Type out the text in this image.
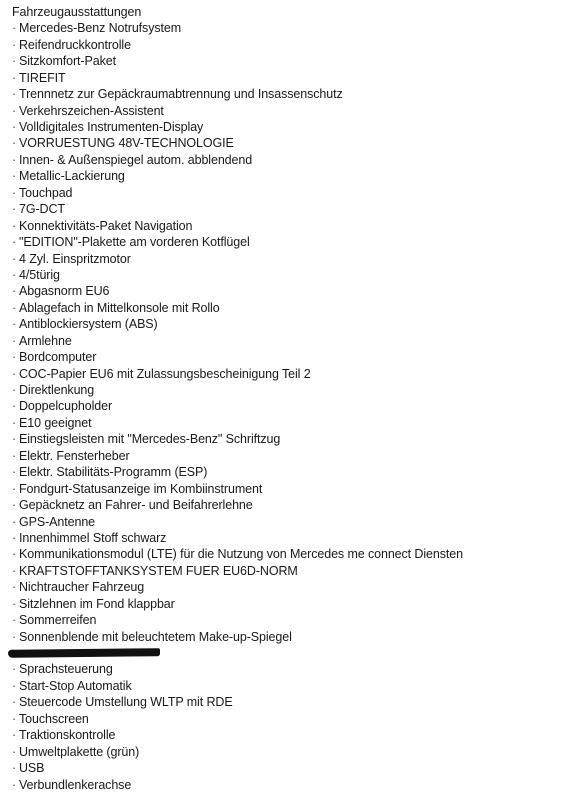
Fahrzeugausstattungen
· Mercedes-Benz Notrufsystem
· Reifendruckkontrolle
· Sitzkomfort-Paket
· TIREFIT
· Trennnetz zur Gepäckraumabtrennung und Insassenschutz
· Verkehrszeichen-Assistent
· Volldigitales Instrumenten-Display
· VORRUESTUNG 48V-TECHNOLOGIE
· Innen- & Außenspiegel autom. abblendend
· Metallic-Lackierung
· Touchpad
· 7G-DCT
· Konnektivitäts-Paket Navigation
· "EDITION"-Plakette am vorderen Kotflügel
· 4 Zyl. Einspritzmotor
· 4/5türig
· Abgasnorm EU6
· Ablagefach in Mittelkonsole mit Rollo
· Antiblockiersystem (ABS)
· Armlehne
· Bordcomputer
· COC-Papier EU6 mit Zulassungsbescheinigung Teil 2
· Direktlenkung
· Doppelcupholder
· E10 geeignet
· Einstiegsleisten mit "Mercedes-Benz" Schriftzug
· Elektr. Fensterheber
· Elektr. Stabilitäts-Programm (ESP)
· Fondgurt-Statusanzeige im Kombiinstrument
· Gepäcknetz an Fahrer- und Beifahrerlehne
· GPS-Antenne
· Innenhimmel Stoff schwarz
· Kommunikationsmodul (LTE) für die Nutzung von Mercedes me connect Diensten
· KRAFTSTOFFTANKSYSTEM FUER EU6D-NORM
· Nichtraucher Fahrzeug
· Sitzlehnen im Fond klappbar
· Sommerreifen
· Sonnenblende mit beleuchtetem Make-up-Spiegel
· Sprachsteuerung
· Start-Stop Automatik
· Steuercode Umstellung WLTP mit RDE
· Touchscreen
· Traktionskontrolle
· Umweltplakette (grün)
· USB
· Verbundlenkerachse
